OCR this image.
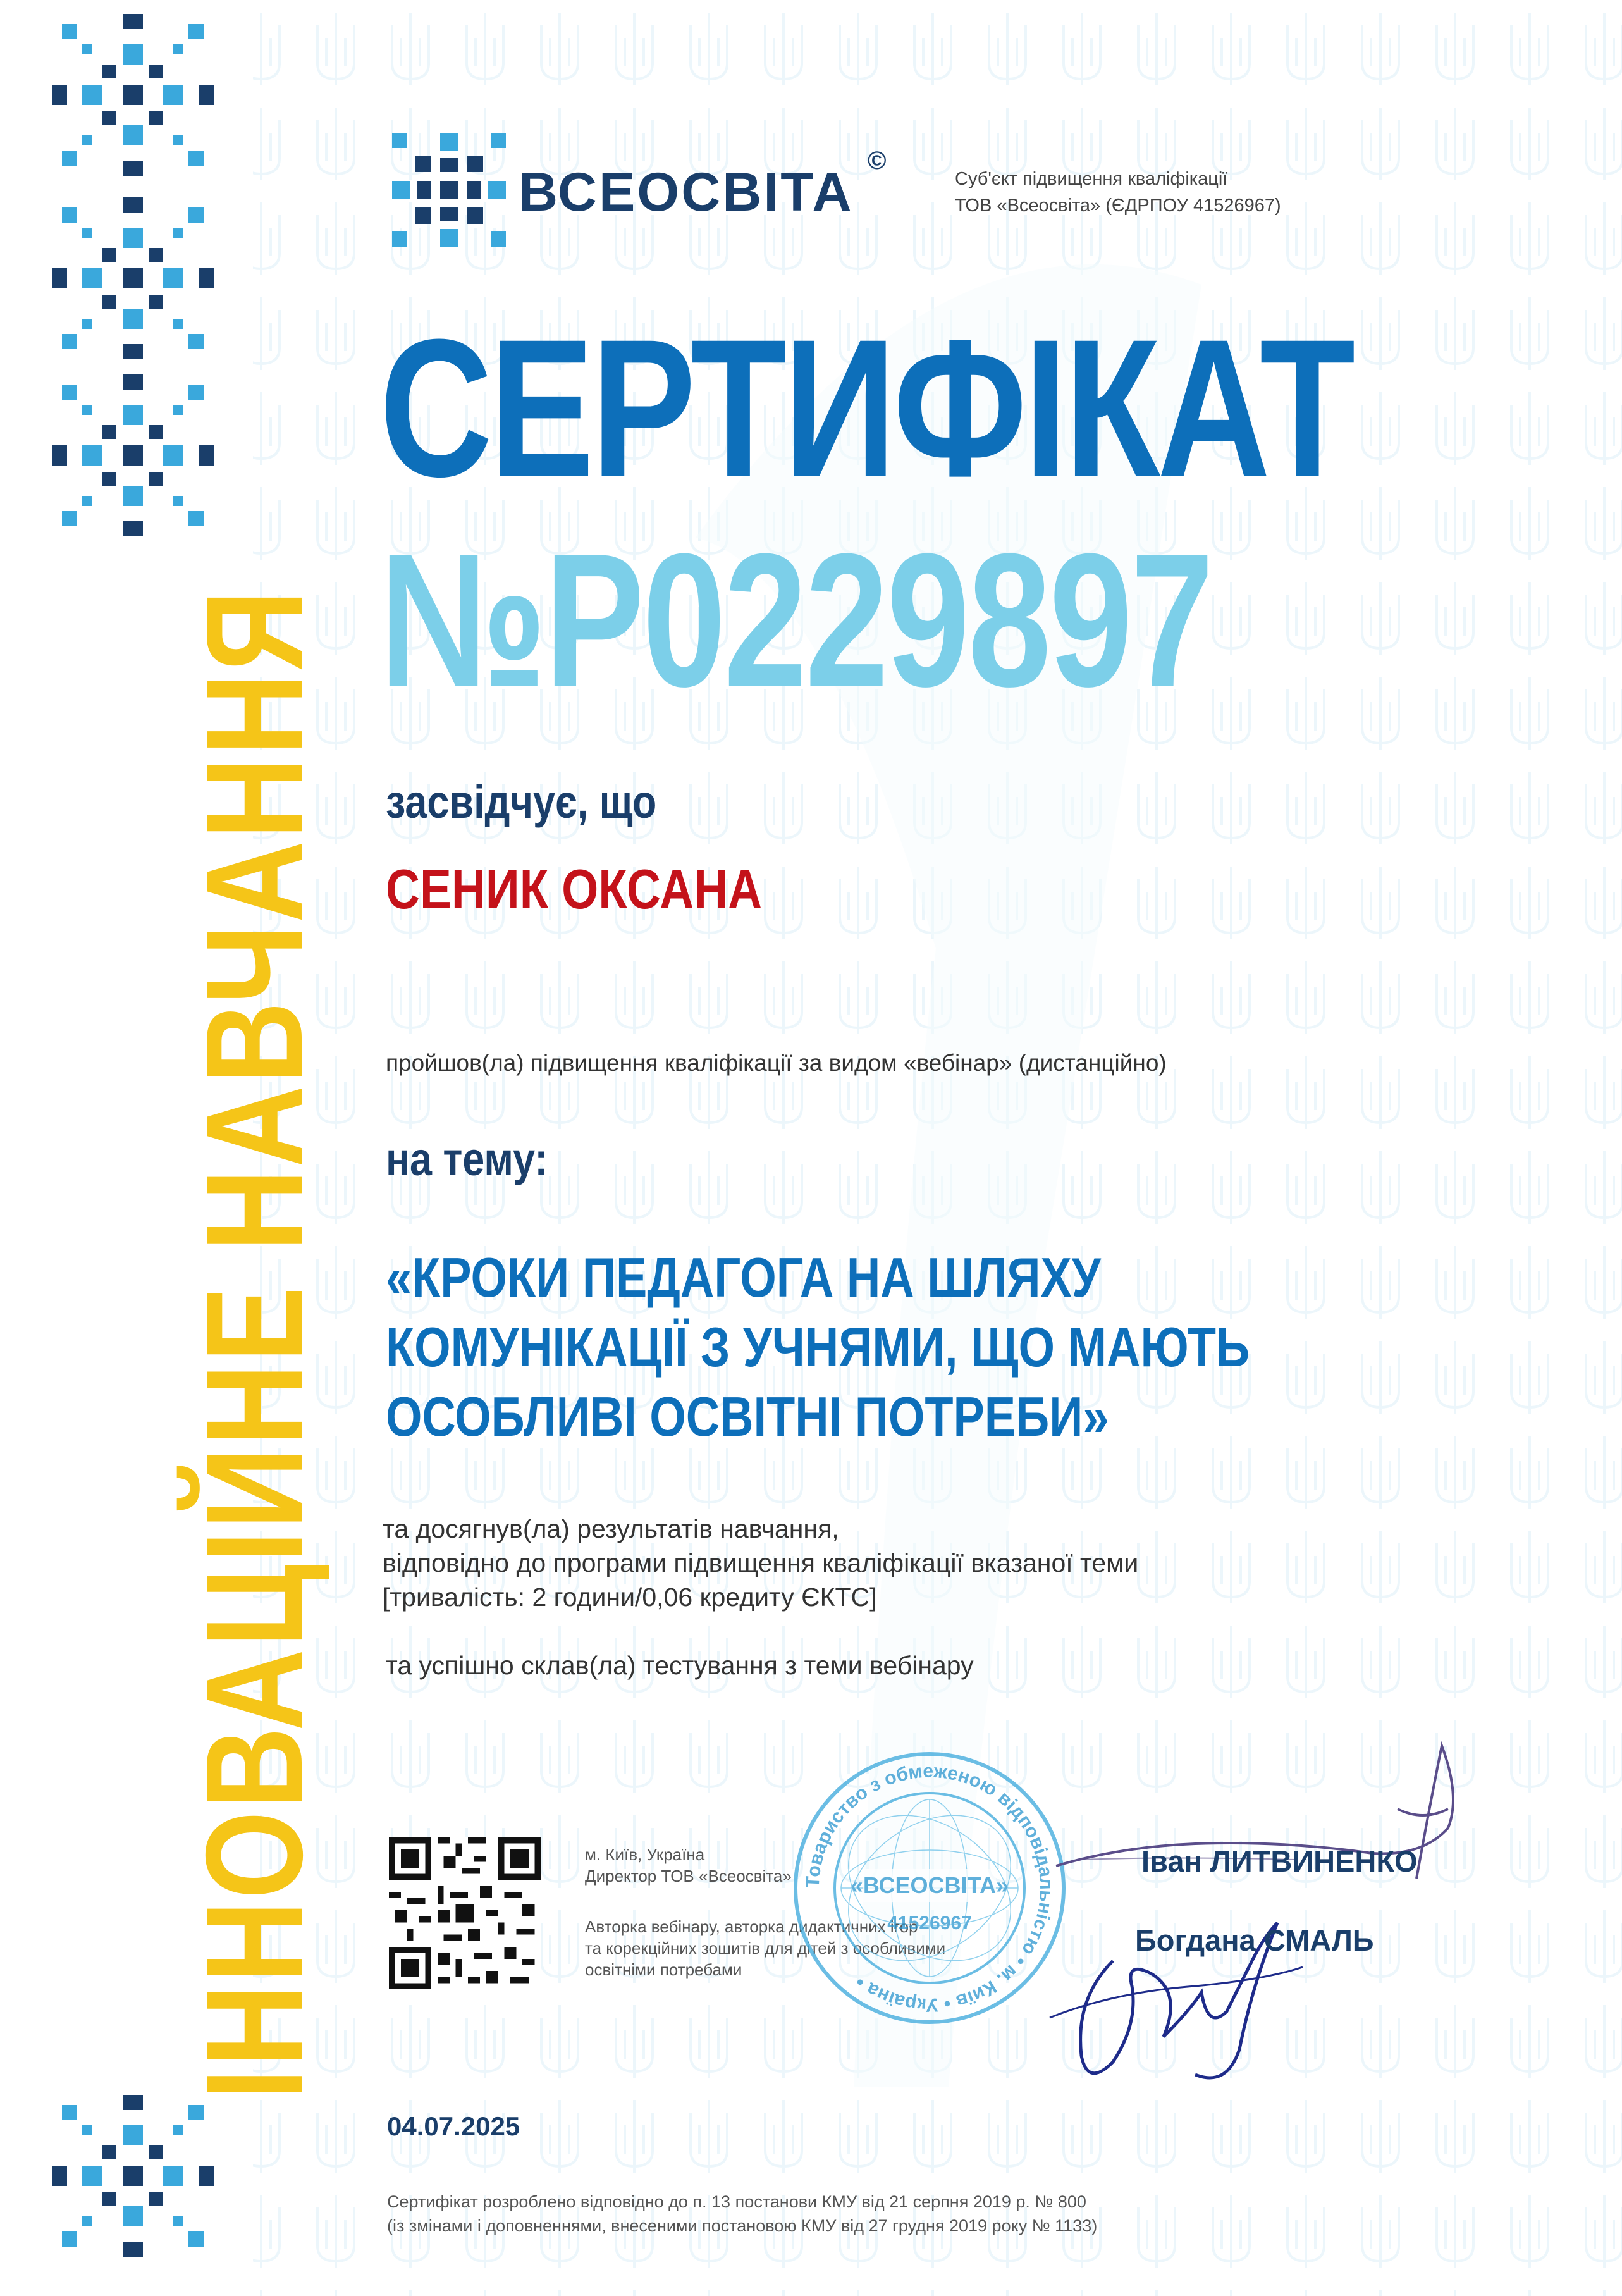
ІННОВАЦІЙНЕ НАВЧАННЯ
ВСЕОСВІТА
©
Суб'єкт підвищення кваліфікації
ТОВ «Всеосвіта» (ЄДРПОУ 41526967)
СЕРТИФІКАТ
№P0229897
засвідчує, що
СЕНИК ОКСАНА
пройшов(ла) підвищення кваліфікації за видом «вебінар» (дистанційно)
на тему:
«КРОКИ ПЕДАГОГА НА ШЛЯХУ
КОМУНІКАЦІЇ З УЧНЯМИ, ЩО МАЮТЬ
ОСОБЛИВІ ОСВІТНІ ПОТРЕБИ»
та досягнув(ла) результатів навчання,
відповідно до програми підвищення кваліфікації вказаної теми
[тривалість: 2 години/0,06 кредиту ЄКТС]
та успішно склав(ла) тестування з теми вебінару
м. Київ, Україна
Директор ТОВ «Всеосвіта»
Авторка вебінару, авторка дидактичних ігор
та корекційних зошитів для дітей з особливими
освітніми потребами
Товариство з обмеженою відповідальністю • м. Київ • Україна •
«ВСЕОСВІТА»
41526967
Іван ЛИТВИНЕНКО
Богдана СМАЛЬ
04.07.2025
Сертифікат розроблено відповідно до п. 13 постанови КМУ від 21 серпня 2019 р. № 800
(із змінами і доповненнями, внесеними постановою КМУ від 27 грудня 2019 року № 1133)
